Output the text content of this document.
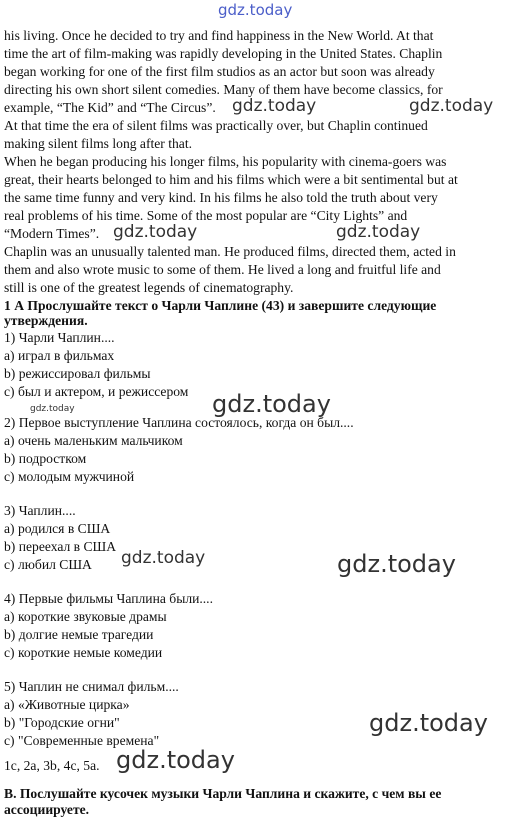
gdz.today
his living. Once he decided to try and find happiness in the New World. At that
time the art of film-making was rapidly developing in the United States. Chaplin
began working for one of the first film studios as an actor but soon was already
directing his own short silent comedies. Many of them have become classics, for
example, “The Kid” and “The Circus”. gdz.today	gdz.today
At that time the era of silent films was practically over, but Chaplin continued
making silent films long after that.
When he began producing his longer films, his popularity with cinema-goers was
great, their hearts belonged to him and his films which were a bit sentimental but at
the same time funny and very kind. In his films he also told the truth about very
real problems of his time. Some of the most popular are “City Lights” and
“Modern Times”. gdz.today	gdz.today
Chaplin was an unusually talented man. He produced films, directed them, acted in
them and also wrote music to some of them. He lived a long and fruitful life and
still is one of the greatest legends of cinematography.
1 А Прослушайте текст о Чарли Чаплине (43) и завершите следующие
утверждения.
1) Чарли Чаплин....
a) играл в фильмах
b) режиссировал фильмы
c) был и актером, и режиссером gdz.today
gdz.today
2) Первое выступление Чаплина состоялось, когда он был....
a) очень маленьким мальчиком
b) подростком
c) молодым мужчиной
3) Чаплин....
a) родился в США
b) переехал в США
c) любил США gdz.today	gdz.today
4) Первые фильмы Чаплина были....
a) короткие звуковые драмы
b) долгие немые трагедии
c) короткие немые комедии
5) Чаплин не снимал фильм....
a) «Животные цирка»
b) "Городские огни"
c) "Современные времена"
gdz.today
1c, 2a, 3b, 4c, 5a. gdz.today
В. Послушайте кусочек музыки Чарли Чаплина и скажите, с чем вы ее
ассоциируете.
